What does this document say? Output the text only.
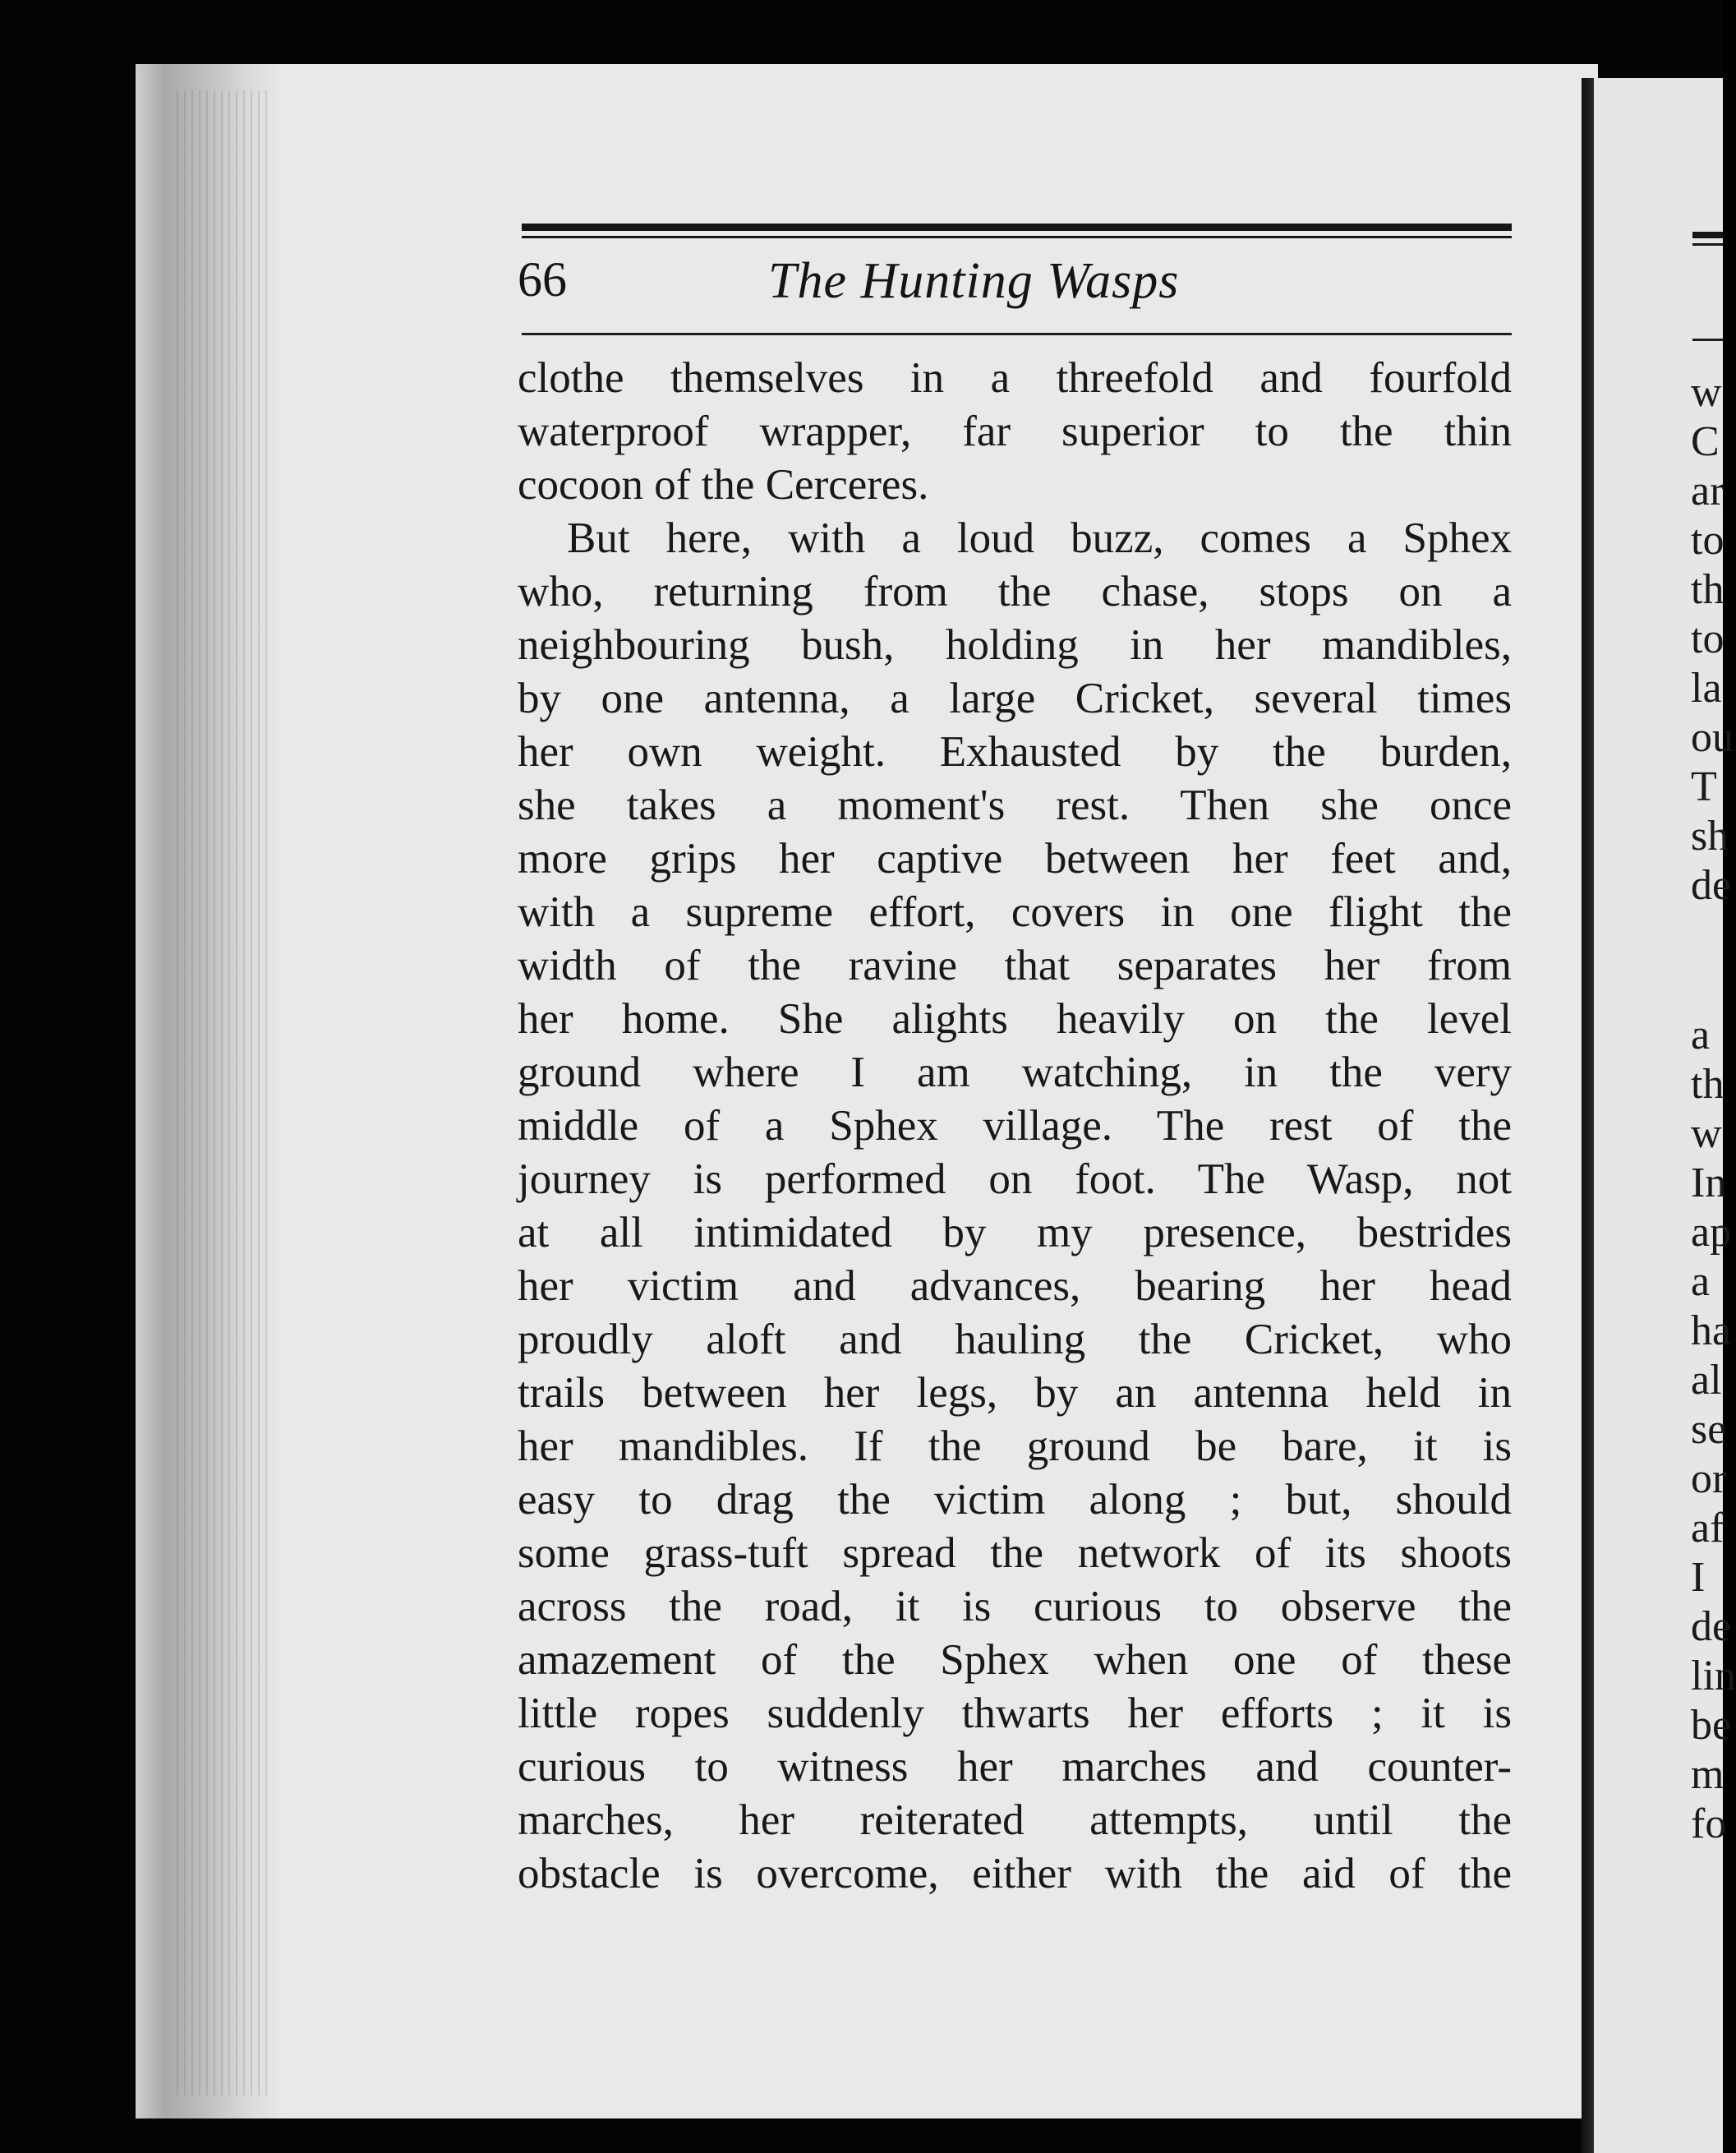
66	The Hunting Wasps
clothe themselves in a threefold and fourfold
waterproof wrapper, far superior to the thin
cocoon of the Cerceres.
But here, with a loud buzz, comes a Sphex
who, returning from the chase, stops on a
neighbouring bush, holding in her mandibles,
by one antenna, a large Cricket, several times
her own weight. Exhausted by the burden,
she takes a moment's rest. Then she once
more grips her captive between her feet and,
with a supreme effort, covers in one flight the
width of the ravine that separates her from
her home. She alights heavily on the level
ground where I am watching, in the very
middle of a Sphex village. The rest of the
journey is performed on foot. The Wasp, not
at all intimidated by my presence, bestrides
her victim and advances, bearing her head
proudly aloft and hauling the Cricket, who
trails between her legs, by an antenna held in
her mandibles. If the ground be bare, it is
easy to drag the victim along ; but, should
some grass-tuft spread the network of its shoots
across the road, it is curious to observe the
amazement of the Sphex when one of these
little ropes suddenly thwarts her efforts ; it is
curious to witness her marches and counter-
marches, her reiterated attempts, until the
obstacle is overcome, either with the aid of the
w
C
ar
to
th
to
la
ou
T
sh
de
a
th
w
In
ap
a
ha
al
se
or
af
I
de
lin
be
m
fo
